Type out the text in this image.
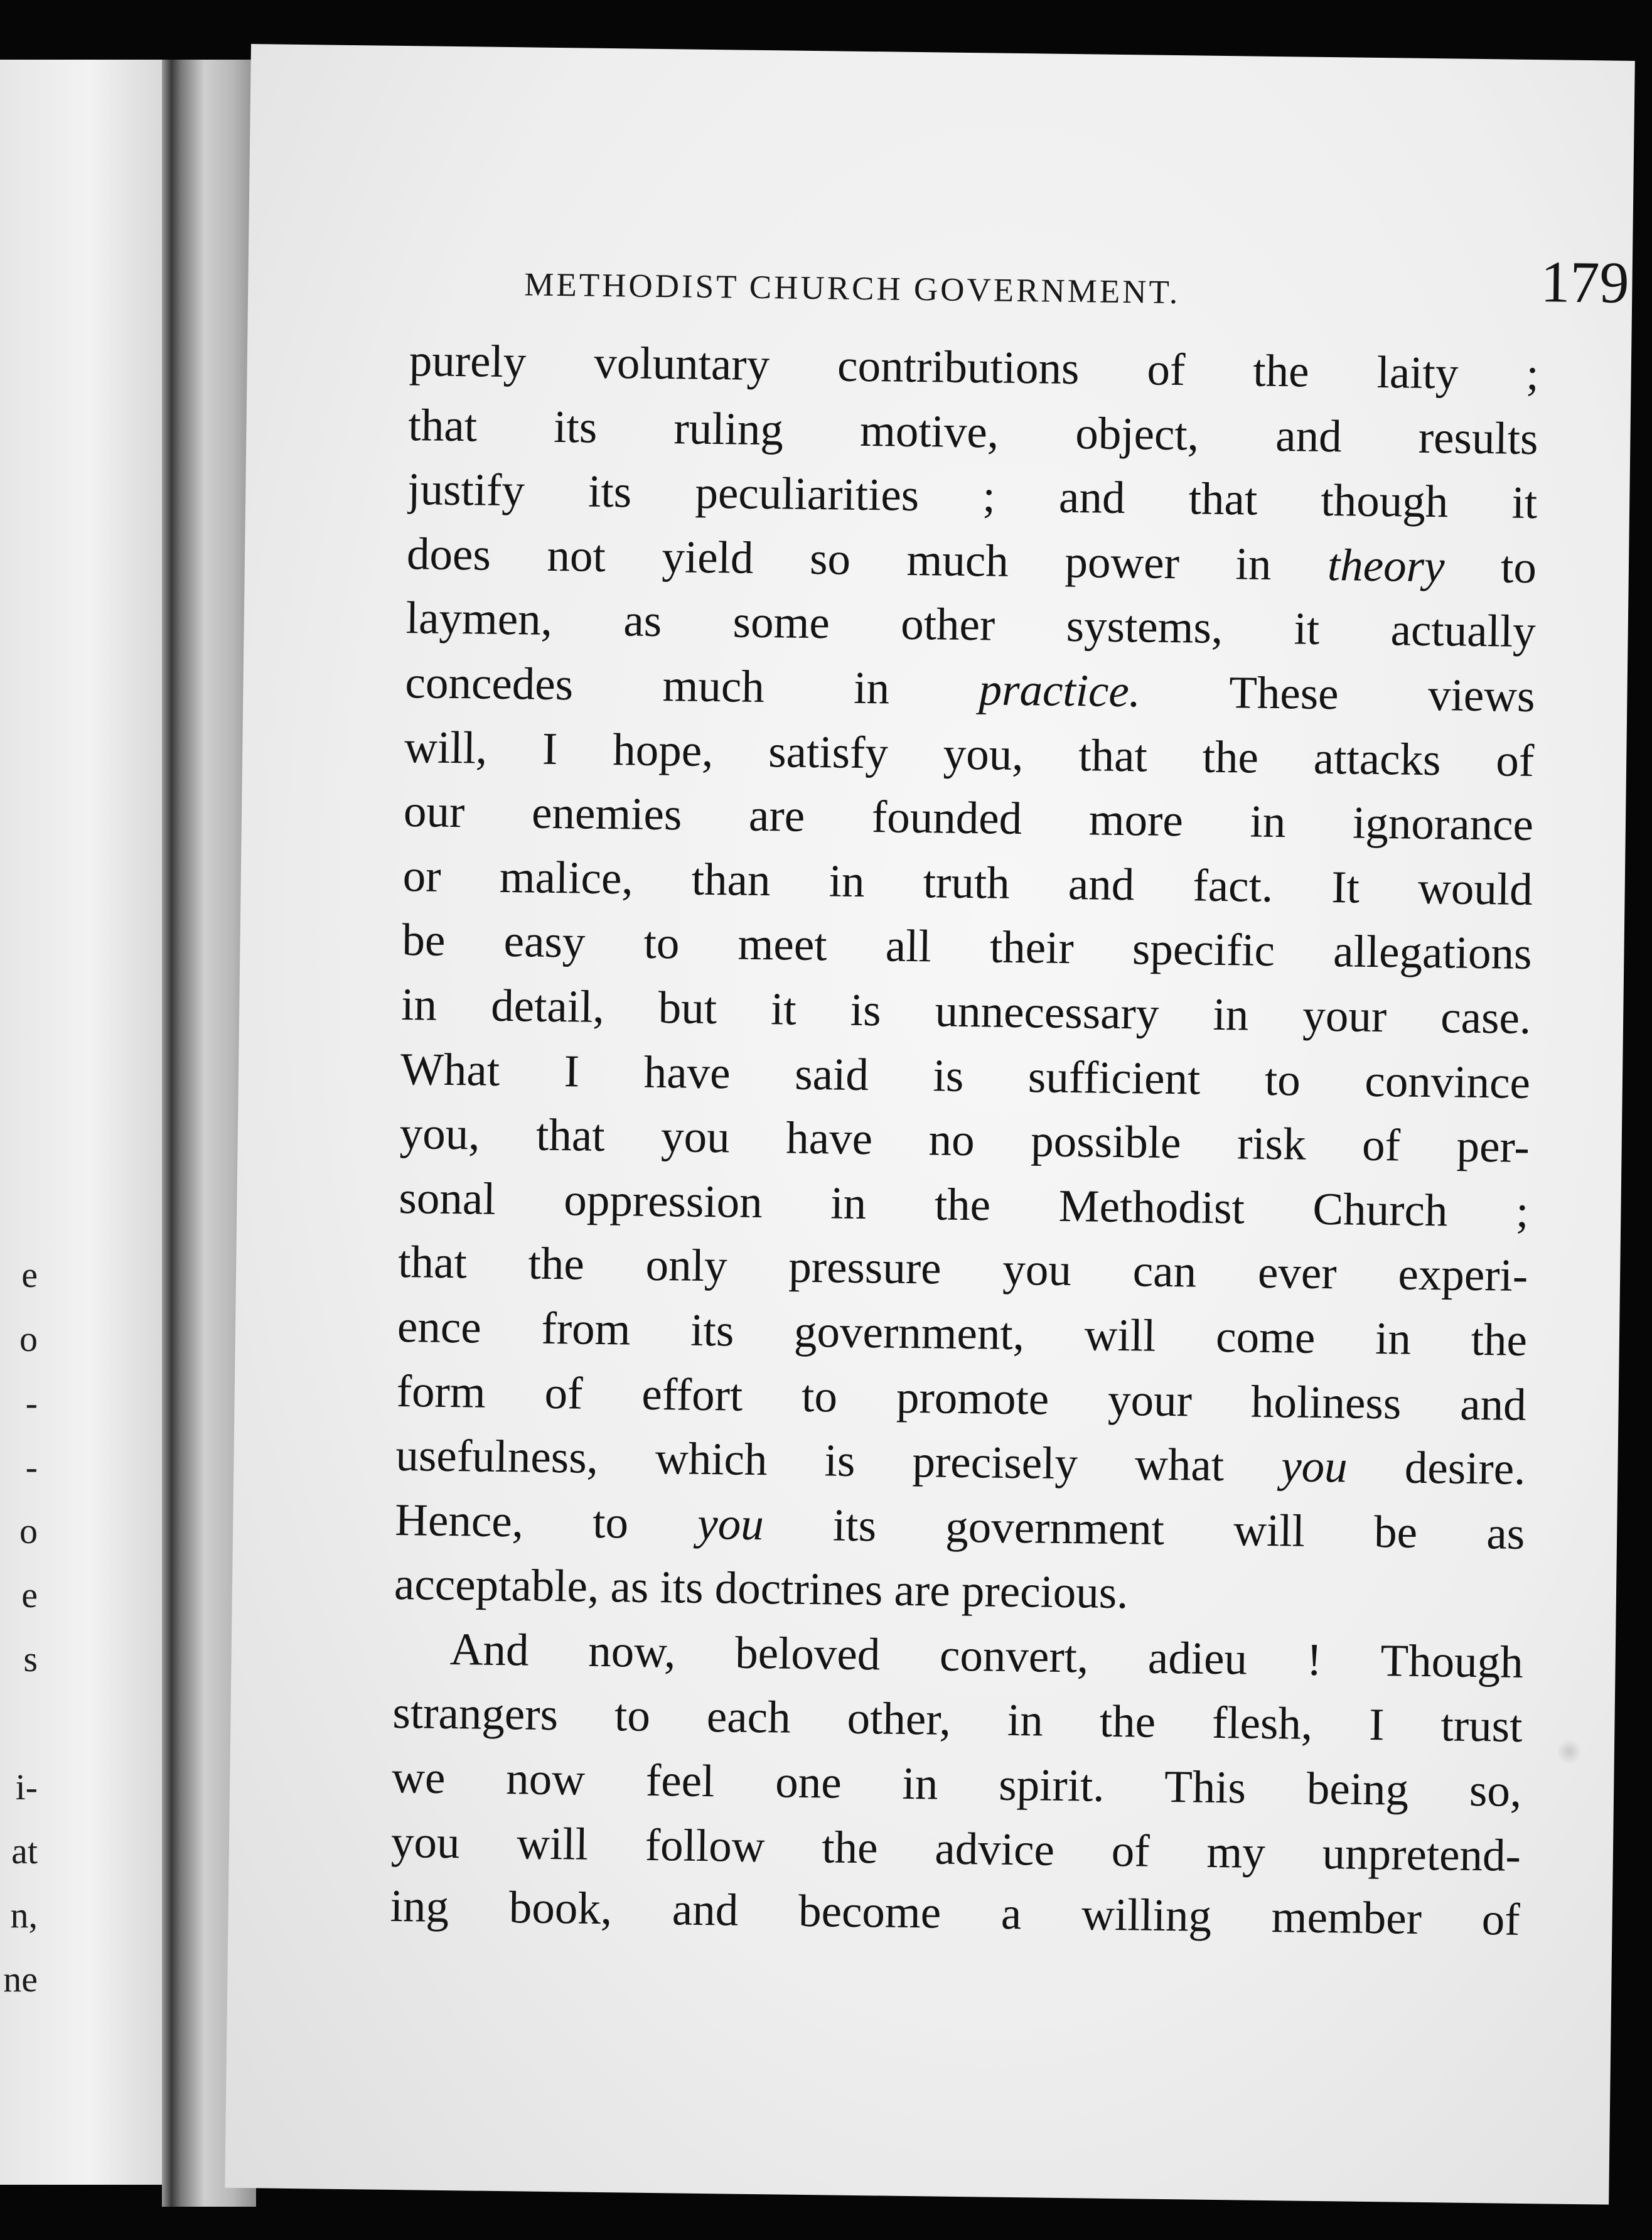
e
o
-
-
o
e
s
i-
at
n,
ne
METHODIST CHURCH GOVERNMENT.	179
purely voluntary contributions of the laity ;
that its ruling motive, object, and results
justify its peculiarities ; and that though it
does not yield so much power in theory to
laymen, as some other systems, it actually
concedes much in practice. These views
will, I hope, satisfy you, that the attacks of
our enemies are founded more in ignorance
or malice, than in truth and fact. It would
be easy to meet all their specific allegations
in detail, but it is unnecessary in your case.
What I have said is sufficient to convince
you, that you have no possible risk of per-
sonal oppression in the Methodist Church ;
that the only pressure you can ever experi-
ence from its government, will come in the
form of effort to promote your holiness and
usefulness, which is precisely what you desire.
Hence, to you its government will be as
acceptable, as its doctrines are precious.
And now, beloved convert, adieu ! Though
strangers to each other, in the flesh, I trust
we now feel one in spirit. This being so,
you will follow the advice of my unpretend-
ing book, and become a willing member of
